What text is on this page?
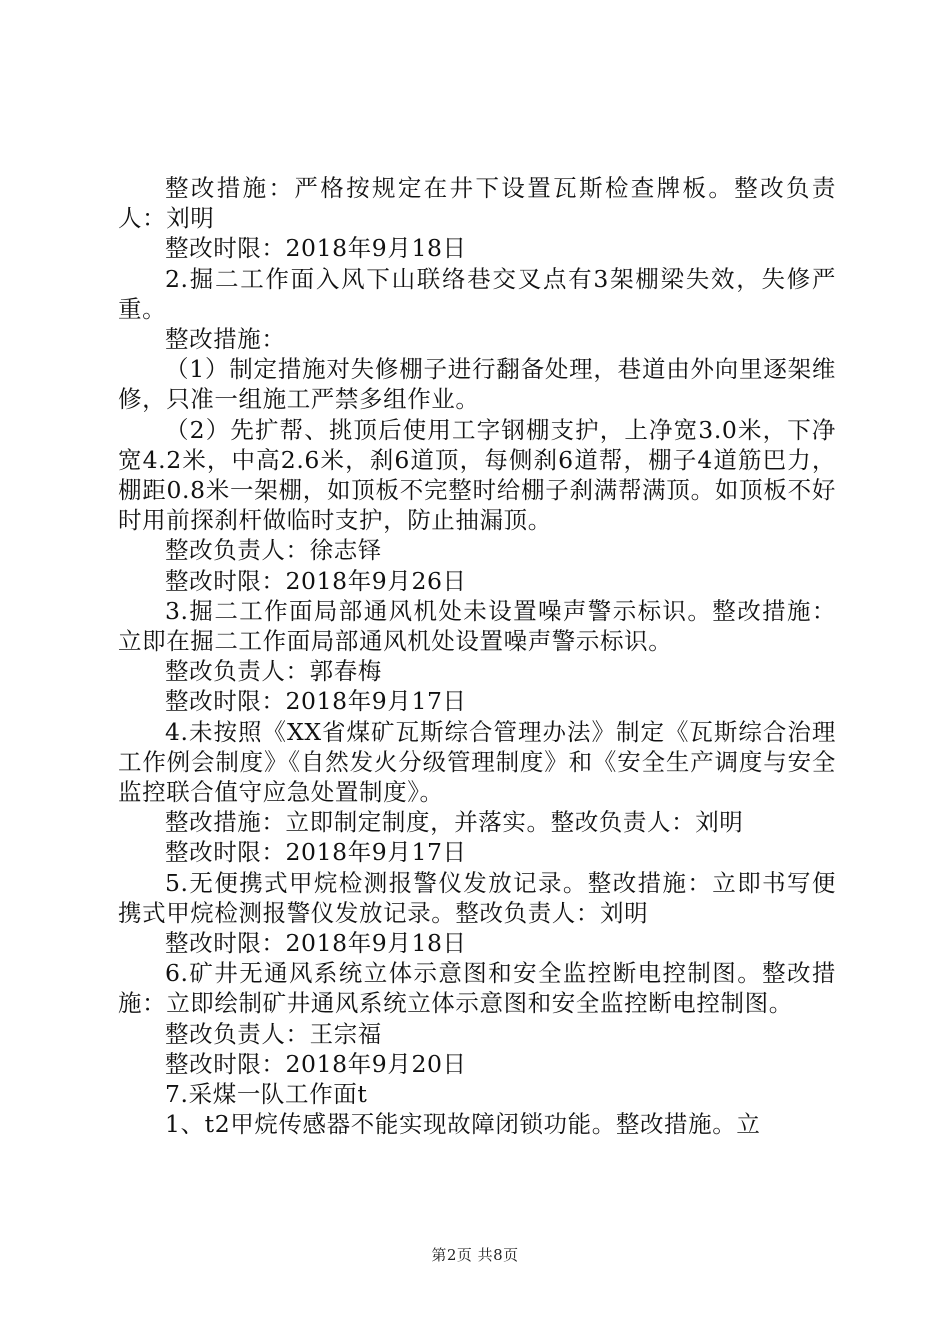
整改措施：严格按规定在井下设置瓦斯检查牌板。整改负责人：刘明

整改时限：2018年9月18日

2.掘二工作面入风下山联络巷交叉点有3架棚梁失效，失修严重。

整改措施：

（1）制定措施对失修棚子进行翻备处理，巷道由外向里逐架维修，只准一组施工严禁多组作业。

（2）先扩帮、挑顶后使用工字钢棚支护，上净宽3.0米，下净宽4.2米，中高2.6米，刹6道顶，每侧刹6道帮，棚子4道筋巴力，棚距0.8米一架棚，如顶板不完整时给棚子刹满帮满顶。如顶板不好时用前探刹杆做临时支护，防止抽漏顶。

整改负责人：徐志铎

整改时限：2018年9月26日

3.掘二工作面局部通风机处未设置噪声警示标识。整改措施：立即在掘二工作面局部通风机处设置噪声警示标识。

整改负责人：郭春梅

整改时限：2018年9月17日

4.未按照《XX省煤矿瓦斯综合管理办法》制定《瓦斯综合治理工作例会制度》《自然发火分级管理制度》和《安全生产调度与安全监控联合值守应急处置制度》。

整改措施：立即制定制度，并落实。整改负责人：刘明

整改时限：2018年9月17日

5.无便携式甲烷检测报警仪发放记录。整改措施：立即书写便携式甲烷检测报警仪发放记录。整改负责人：刘明

整改时限：2018年9月18日

6.矿井无通风系统立体示意图和安全监控断电控制图。整改措施：立即绘制矿井通风系统立体示意图和安全监控断电控制图。

整改负责人：王宗福

整改时限：2018年9月20日

7.采煤一队工作面t

1、t2甲烷传感器不能实现故障闭锁功能。整改措施。立

第2页 共8页
